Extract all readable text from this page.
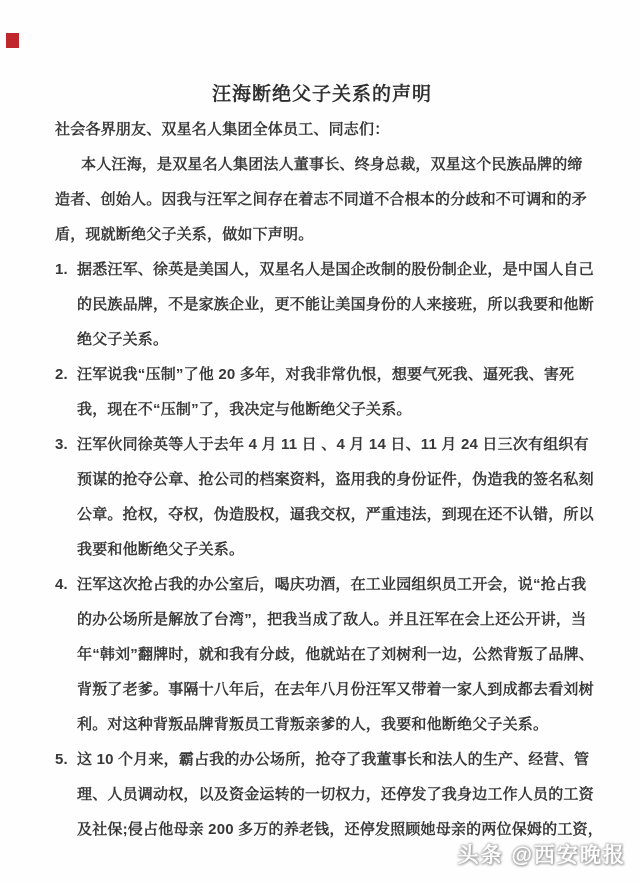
汪海断绝父子关系的声明
社会各界朋友、双星名人集团全体员工、同志们：
本人汪海，是双星名人集团法人董事长、终身总裁，双星这个民族品牌的缔
造者、创始人。因我与汪军之间存在着志不同道不合根本的分歧和不可调和的矛
盾，现就断绝父子关系，做如下声明。
1. 据悉汪军、徐英是美国人，双星名人是国企改制的股份制企业，是中国人自己
的民族品牌，不是家族企业，更不能让美国身份的人来接班，所以我要和他断
绝父子关系。
2. 汪军说我“压制”了他 20 多年，对我非常仇恨，想要气死我、逼死我、害死
我，现在不“压制”了，我决定与他断绝父子关系。
3. 汪军伙同徐英等人于去年 4 月 11 日 、4 月 14 日、11 月 24 日三次有组织有
预谋的抢夺公章、抢公司的档案资料，盗用我的身份证件，伪造我的签名私刻
公章。抢权，夺权，伪造股权，逼我交权，严重违法，到现在还不认错，所以
我要和他断绝父子关系。
4. 汪军这次抢占我的办公室后，喝庆功酒，在工业园组织员工开会，说“抢占我
的办公场所是解放了台湾”，把我当成了敌人。并且汪军在会上还公开讲，当
年“韩刘”翻牌时，就和我有分歧，他就站在了刘树利一边，公然背叛了品牌、
背叛了老爹。事隔十八年后，在去年八月份汪军又带着一家人到成都去看刘树
利。对这种背叛品牌背叛员工背叛亲爹的人，我要和他断绝父子关系。
5. 这 10 个月来，霸占我的办公场所，抢夺了我董事长和法人的生产、经营、管
理、人员调动权，以及资金运转的一切权力，还停发了我身边工作人员的工资
及社保;侵占他母亲 200 多万的养老钱，还停发照顾她母亲的两位保姆的工资，
头条 @西安晚报
